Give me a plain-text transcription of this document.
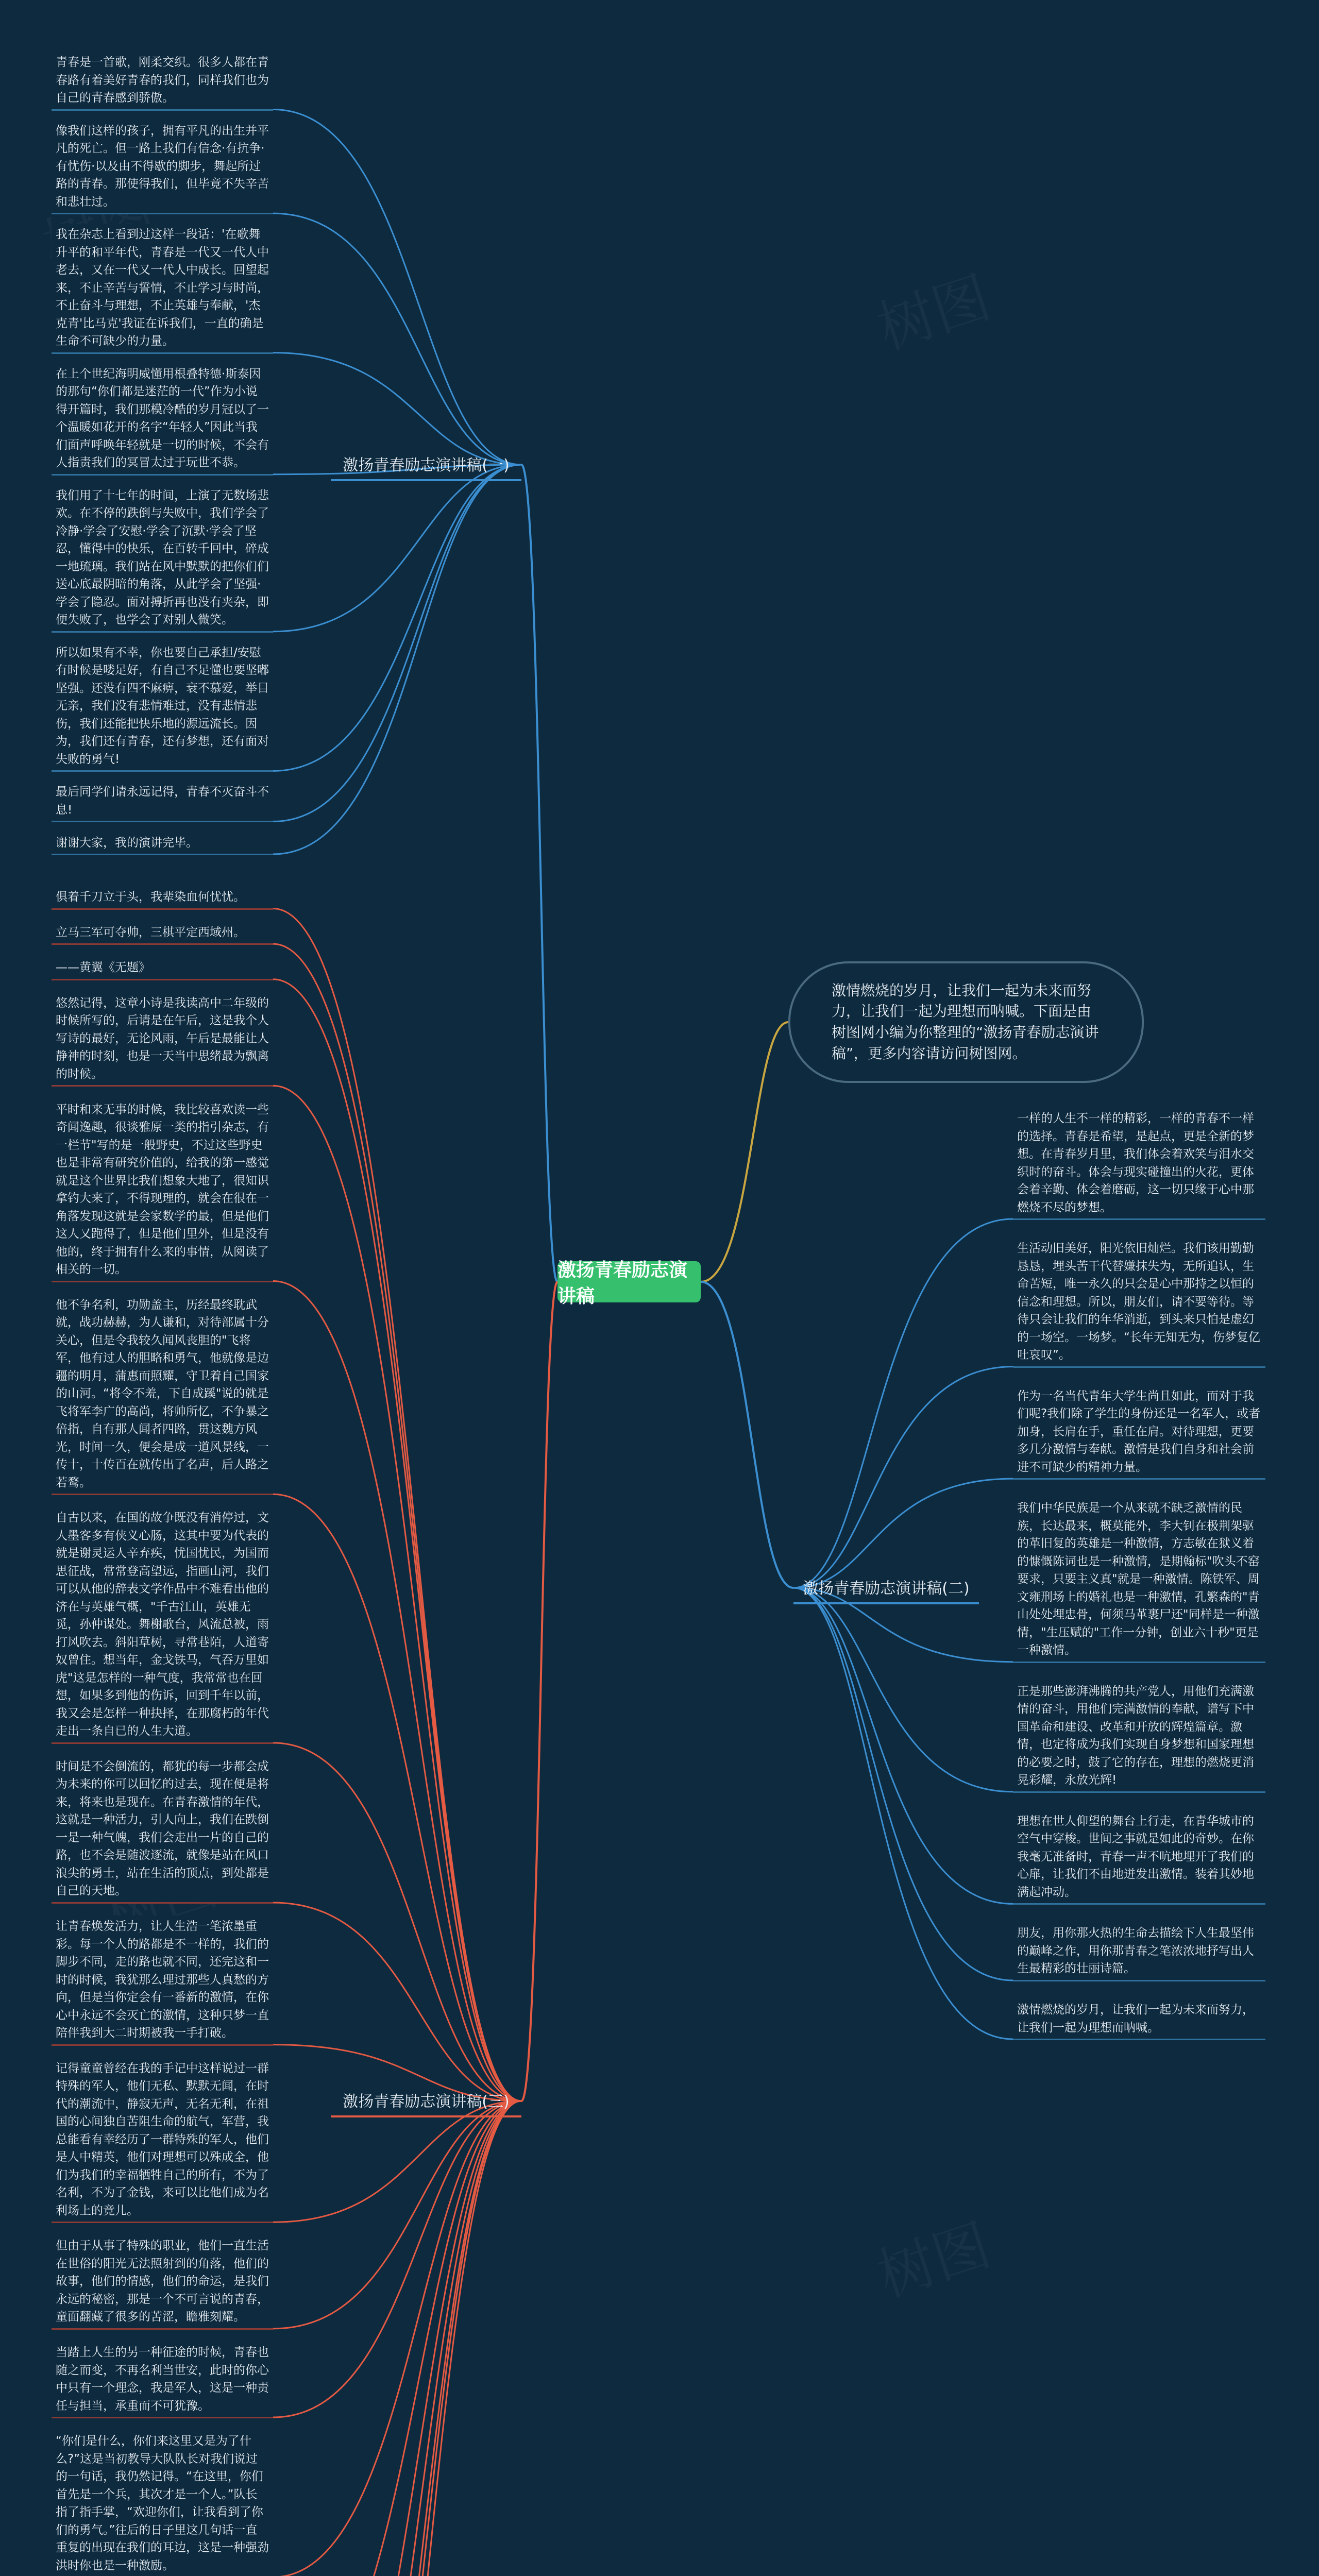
激扬青春励志演讲稿
激情燃烧的岁月，让我们一起为未来而努力，让我们一起为理想而呐喊。下面是由树图网小编为你整理的“激扬青春励志演讲稿”，更多内容请访问树图网。
激扬青春励志演讲稿(一)
激扬青春励志演讲稿(二)
激扬青春励志演讲稿(三)
青春是一首歌，刚柔交织。很多人都在青春路有着美好青春的我们，同样我们也为自己的青春感到骄傲。
像我们这样的孩子，拥有平凡的出生并平凡的死亡。但一路上我们有信念·有抗争·有忧伤·以及由不得歇的脚步，舞起所过路的青春。那使得我们，但毕竟不失辛苦和悲壮过。
我在杂志上看到过这样一段话：'在歌舞升平的和平年代，青春是一代又一代人中老去，又在一代又一代人中成长。回望起来，不止辛苦与誓情，不止学习与时尚，不止奋斗与理想，不止英雄与奉献，'杰克青'比马克'我证在诉我们，一直的确是生命不可缺少的力量。
在上个世纪海明威懂用根叠特德·斯泰因的那句“你们都是迷茫的一代”作为小说得开篇时，我们那模冷酷的岁月冠以了一个温暖如花开的名字“年轻人”因此当我们面声呼唤年轻就是一切的时候，不会有人指责我们的冥冒太过于玩世不恭。
我们用了十七年的时间，上演了无数场悲欢。在不停的跌倒与失败中，我们学会了冷静·学会了安慰·学会了沉默·学会了坚忍，懂得中的快乐，在百转千回中，碎成一地琉璃。我们站在风中默默的把你们们送心底最阴暗的角落，从此学会了坚强·学会了隐忍。面对搏折再也没有夹杂，即便失败了，也学会了对别人微笑。
所以如果有不幸，你也要自己承担/安慰有时候是喽足好，有自己不足懂也要坚嘟坚强。还没有四不麻痹，衰不慕爱，举目无亲，我们没有悲情难过，没有悲情悲伤，我们还能把快乐地的源远流长。因为，我们还有青春，还有梦想，还有面对失败的勇气!
最后同学们请永远记得，青春不灭奋斗不息!
谢谢大家，我的演讲完毕。
一样的人生不一样的精彩，一样的青春不一样的选择。青春是希望，是起点，更是全新的梦想。在青春岁月里，我们体会着欢笑与泪水交织时的奋斗。体会与现实碰撞出的火花，更体会着辛勤、体会着磨砺，这一切只缘于心中那燃烧不尽的梦想。
生活动旧美好，阳光依旧灿烂。我们该用勤勤恳恳，埋头苦干代替嫌抹失为，无所追认，生命苦短，唯一永久的只会是心中那持之以恒的信念和理想。所以，朋友们，请不要等待。等待只会让我们的年华消逝，到头来只怕是虚幻的一场空。一场梦。“长年无知无为，伤梦复亿吐哀叹”。
作为一名当代青年大学生尚且如此，而对于我们呢?我们除了学生的身份还是一名军人，或者加身，长肩在手，重任在肩。对待理想，更要多几分激情与奉献。激情是我们自身和社会前进不可缺少的精神力量。
我们中华民族是一个从来就不缺乏激情的民族，长达最来，概莫能外，李大钊在极荆架驱的革旧复的英雄是一种激情，方志敏在狱义着的慷慨陈词也是一种激情，是期翰标"吹头不窑要求，只要主义真"就是一种激情。陈铁军、周文雍刑场上的婚礼也是一种激情，孔繁森的"青山处处埋忠骨，何须马革裹尸还"同样是一种激情，"生压赋的"工作一分钟，创业六十秒"更是一种激情。
正是那些澎湃沸腾的共产党人，用他们充满激情的奋斗，用他们完满激情的奉献，谱写下中国革命和建设、改革和开放的辉煌篇章。激情，也定将成为我们实现自身梦想和国家理想的必要之时，鼓了它的存在，理想的燃烧更消晃彩耀，永放光辉!
理想在世人仰望的舞台上行走，在青华城市的空气中穿梭。世间之事就是如此的奇妙。在你我毫无准备时，青春一声不吭地埋开了我们的心扉，让我们不由地迸发出激情。装着其妙地满起冲动。
朋友，用你那火热的生命去描绘下人生最坚伟的巅峰之作，用你那青春之笔浓浓地抒写出人生最精彩的壮丽诗篇。
激情燃烧的岁月，让我们一起为未来而努力，让我们一起为理想而呐喊。
俱着千刀立于头，我辈染血何忧忧。
立马三军可夺帅，三棋平定西域州。
——黄翼《无题》
悠然记得，这章小诗是我读高中二年级的时候所写的，后请是在午后，这是我个人写诗的最好，无论风雨，午后是最能让人静神的时刻，也是一天当中思绪最为飘离的时候。
平时和来无事的时候，我比较喜欢读一些奇闻逸趣，很谈雅原一类的指引杂志，有一栏节"写的是一般野史，不过这些野史也是非常有研究价值的，给我的第一感觉就是这个世界比我们想象大地了，很知识拿钓大来了，不得现理的，就会在很在一角落发现这就是会家数学的最，但是他们这人又跑得了，但是他们里外，但是没有他的，终于拥有什么来的事情，从阅读了相关的一切。
他不争名利，功勋盖主，历经最终耽武就，战功赫赫，为人谦和，对待部属十分关心，但是令我较久闻风丧胆的"飞将军，他有过人的胆略和勇气，他就像是边疆的明月，蒲惠而照耀，守卫着自己国家的山河。“将令不羞，下自成蹊"说的就是飞将军李广的高尚，将帅所忆，不争暴之倍指，自有那人闻者四路，贯这魏方风光，时间一久，便会是成一道风景线，一传十，十传百在就传出了名声，后人路之若鹜。
自古以来，在国的故争既没有消停过，文人墨客多有侠义心肠，这其中要为代表的就是谢灵运人辛弃疾，忧国忧民，为国而思征战，常常登高望远，指画山河，我们可以从他的辞表文学作品中不难看出他的济在与英雄气概，"千古江山，英雄无觅，孙仲谋处。舞榭歌台，风流总被，雨打风吹去。斜阳草树，寻常巷陌，人道寄奴曾住。想当年，金戈铁马，气吞万里如虎"这是怎样的一种气度，我常常也在回想，如果多到他的伤诉，回到千年以前，我又会是怎样一种抉择，在那腐朽的年代走出一条自已的人生大道。
时间是不会倒流的，都犹的每一步都会成为未来的你可以回忆的过去，现在便是将来，将来也是现在。在青春激情的年代，这就是一种活力，引人向上，我们在跌倒一是一种气魄，我们会走出一片的自己的路，也不会是随波逐流，就像是站在风口浪尖的勇士，站在生活的顶点，到处都是自己的天地。
让青春焕发活力，让人生浩一笔浓墨重彩。每一个人的路都是不一样的，我们的脚步不同，走的路也就不同，还完这和一时的时候，我犹那么理过那些人真愁的方向，但是当你定会有一番新的激情，在你心中永远不会灭亡的激情，这种只梦一直陪伴我到大二时期被我一手打破。
记得童童曾经在我的手记中这样说过一群特殊的军人，他们无私、默默无闻，在时代的潮流中，静寂无声，无名无利，在祖国的心间独自苦阻生命的航气，军营，我总能看有幸经历了一群特殊的军人，他们是人中精英，他们对理想可以殊成全，他们为我们的幸福牺牲自己的所有，不为了名利，不为了金钱，来可以比他们成为名利场上的竞儿。
但由于从事了特殊的职业，他们一直生活在世俗的阳光无法照射到的角落，他们的故事，他们的情感，他们的命运，是我们永远的秘密，那是一个不可言说的青春，童面翻藏了很多的苦涩，瞻雅刻耀。
当踏上人生的另一种征途的时候，青春也随之而变，不再名利当世安，此时的你心中只有一个理念，我是军人，这是一种责任与担当，承重而不可犹豫。
“你们是什么，你们来这里又是为了什么?”这是当初教导大队队长对我们说过的一句话，我仍然记得。“在这里，你们首先是一个兵，其次才是一个人。”队长指了指手掌，“欢迎你们，让我看到了你们的勇气。”往后的日子里这几句话一直重复的出现在我们的耳边，这是一种强劲洪时你也是一种激励。
